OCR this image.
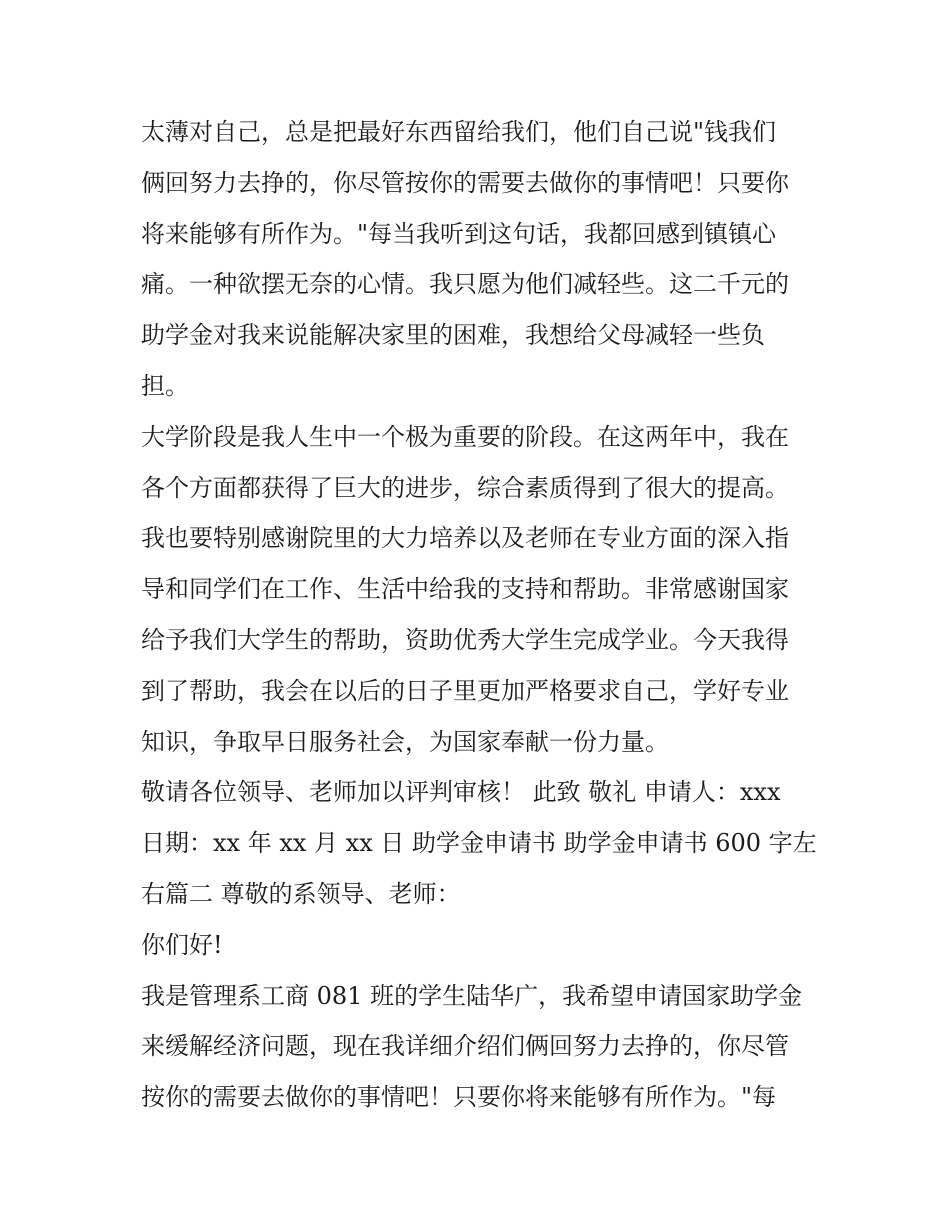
太薄对自己，总是把最好东西留给我们，他们自己说"钱我们
俩回努力去挣的，你尽管按你的需要去做你的事情吧！只要你
将来能够有所作为。"每当我听到这句话，我都回感到镇镇心
痛。一种欲摆无奈的心情。我只愿为他们减轻些。这二千元的
助学金对我来说能解决家里的困难，我想给父母减轻一些负
担。
大学阶段是我人生中一个极为重要的阶段。在这两年中，我在
各个方面都获得了巨大的进步，综合素质得到了很大的提高。
我也要特别感谢院里的大力培养以及老师在专业方面的深入指
导和同学们在工作、生活中给我的支持和帮助。非常感谢国家
给予我们大学生的帮助，资助优秀大学生完成学业。今天我得
到了帮助，我会在以后的日子里更加严格要求自己，学好专业
知识，争取早日服务社会，为国家奉献一份力量。
敬请各位领导、老师加以评判审核！ 此致 敬礼 申请人：xxx
日期：xx 年 xx 月 xx 日 助学金申请书 助学金申请书 600 字左
右篇二 尊敬的系领导、老师：
你们好!
我是管理系工商 081 班的学生陆华广，我希望申请国家助学金
来缓解经济问题，现在我详细介绍们俩回努力去挣的，你尽管
按你的需要去做你的事情吧！只要你将来能够有所作为。"每
